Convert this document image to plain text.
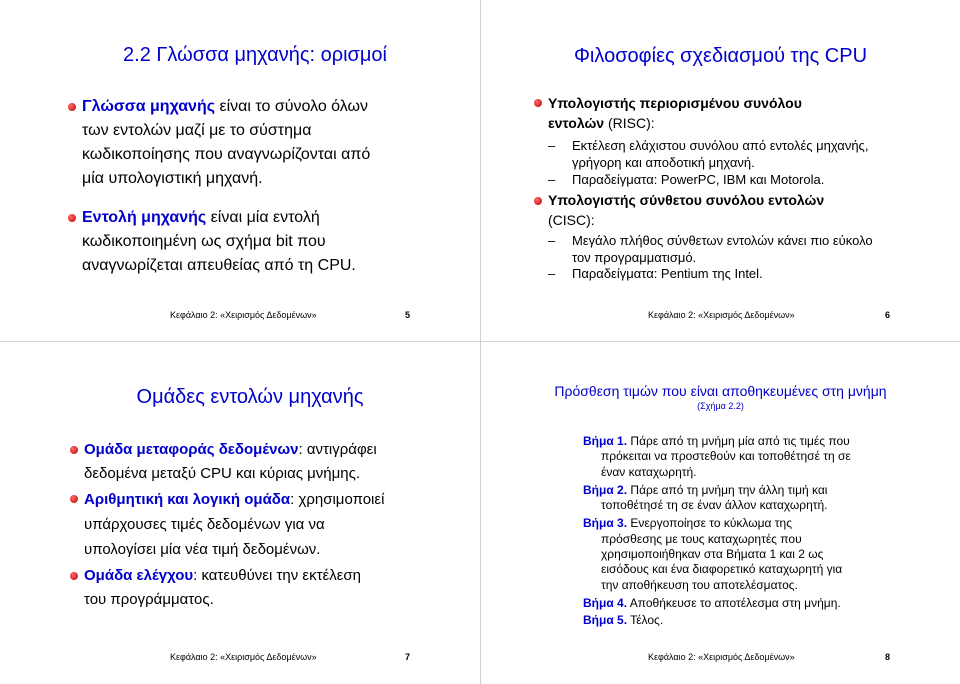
2.2 Γλώσσα μηχανής: ορισμοί
Γλώσσα μηχανής είναι το σύνολο όλων
των εντολών μαζί με το σύστημα
κωδικοποίησης που αναγνωρίζονται από
μία υπολογιστική μηχανή.
Εντολή μηχανής είναι μία εντολή
κωδικοποιημένη ως σχήμα bit που
αναγνωρίζεται απευθείας από τη CPU.
Κεφάλαιο 2: «Χειρισμός Δεδομένων»	5
Φιλοσοφίες σχεδιασμού της CPU
Υπολογιστής περιορισμένου συνόλου
εντολών (RISC):
– Εκτέλεση ελάχιστου συνόλου από εντολές μηχανής,
γρήγορη και αποδοτική μηχανή.
– Παραδείγματα: PowerPC, IBM και Motorola.
Υπολογιστής σύνθετου συνόλου εντολών
(CISC):
– Μεγάλο πλήθος σύνθετων εντολών κάνει πιο εύκολο
τον προγραμματισμό.
– Παραδείγματα: Pentium της Intel.
Κεφάλαιο 2: «Χειρισμός Δεδομένων»	6
Ομάδες εντολών μηχανής
Ομάδα μεταφοράς δεδομένων: αντιγράφει
δεδομένα μεταξύ CPU και κύριας μνήμης.
Αριθμητική και λογική ομάδα: χρησιμοποιεί
υπάρχουσες τιμές δεδομένων για να
υπολογίσει μία νέα τιμή δεδομένων.
Ομάδα ελέγχου: κατευθύνει την εκτέλεση
του προγράμματος.
Κεφάλαιο 2: «Χειρισμός Δεδομένων»	7
Πρόσθεση τιμών που είναι αποθηκευμένες στη μνήμη
(Σχήμα 2.2)
Βήμα 1. Πάρε από τη μνήμη μία από τις τιμές που
πρόκειται να προστεθούν και τοποθέτησέ τη σε
έναν καταχωρητή.
Βήμα 2. Πάρε από τη μνήμη την άλλη τιμή και
τοποθέτησέ τη σε έναν άλλον καταχωρητή.
Βήμα 3. Ενεργοποίησε το κύκλωμα της
πρόσθεσης με τους καταχωρητές που
χρησιμοποιήθηκαν στα Βήματα 1 και 2 ως
εισόδους και ένα διαφορετικό καταχωρητή για
την αποθήκευση του αποτελέσματος.
Βήμα 4. Αποθήκευσε το αποτέλεσμα στη μνήμη.
Βήμα 5. Τέλος.
Κεφάλαιο 2: «Χειρισμός Δεδομένων»	8
